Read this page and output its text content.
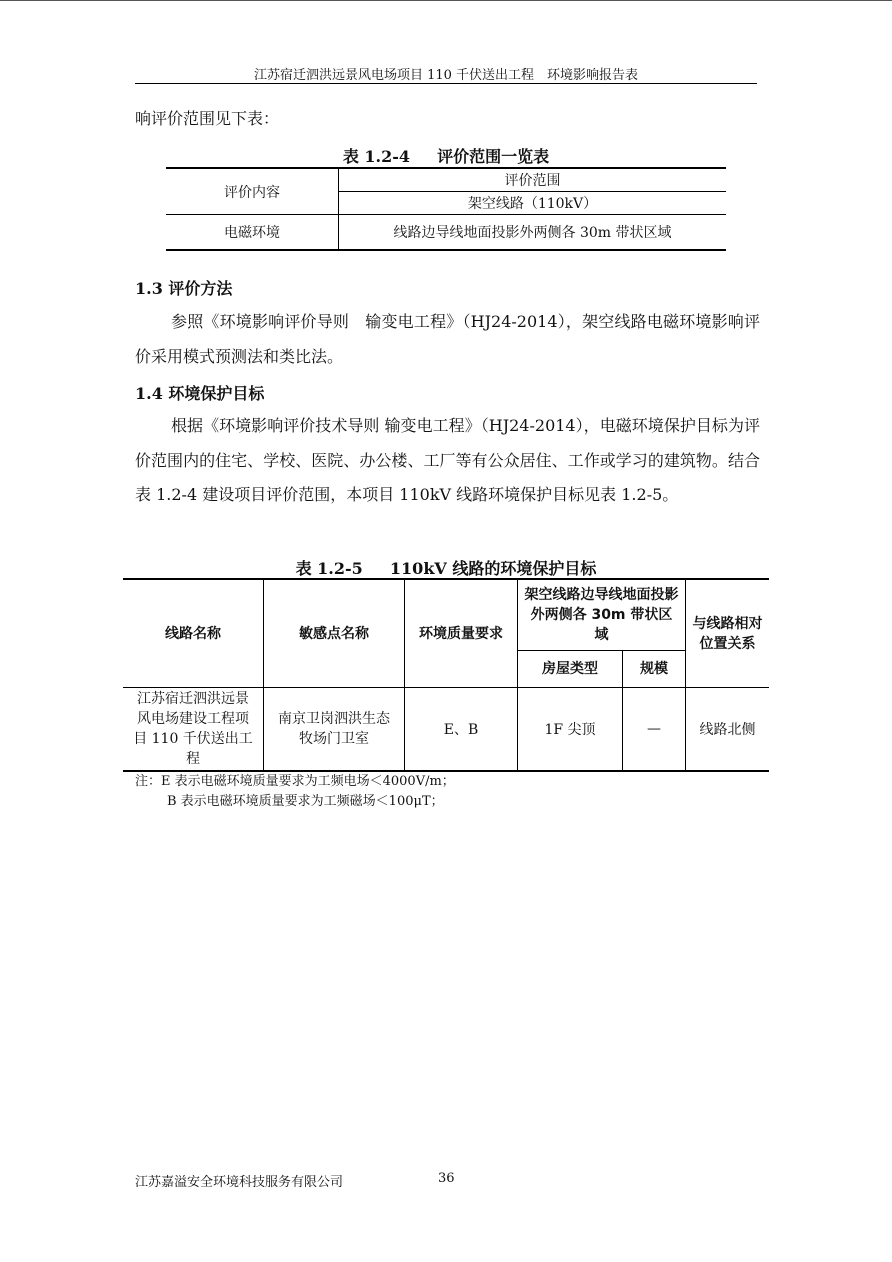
江苏宿迁泗洪远景风电场项目 110 千伏送出工程　环境影响报告表
响评价范围见下表：
表 1.2-4　  评价范围一览表
评价内容	评价范围
	架空线路（110kV）
电磁环境	线路边导线地面投影外两侧各 30m 带状区域
1.3 评价方法
参照《环境影响评价导则　输变电工程》（HJ24-2014），架空线路电磁环境影响评价采用模式预测法和类比法。
1.4 环境保护目标
根据《环境影响评价技术导则 输变电工程》（HJ24-2014），电磁环境保护目标为评价范围内的住宅、学校、医院、办公楼、工厂等有公众居住、工作或学习的建筑物。结合表 1.2-4 建设项目评价范围，本项目 110kV 线路环境保护目标见表 1.2-5。
表 1.2-5　  110kV 线路的环境保护目标
线路名称	敏感点名称	环境质量要求	架空线路边导线地面投影外两侧各 30m 带状区域		与线路相对位置关系
			房屋类型	规模	
江苏宿迁泗洪远景风电场建设工程项目 110 千伏送出工程	南京卫岗泗洪生态牧场门卫室	E、B	1F 尖顶	—	线路北侧
注：E 表示电磁环境质量要求为工频电场＜4000V/m；
B 表示电磁环境质量要求为工频磁场＜100μT；
江苏嘉溢安全环境科技服务有限公司	36
